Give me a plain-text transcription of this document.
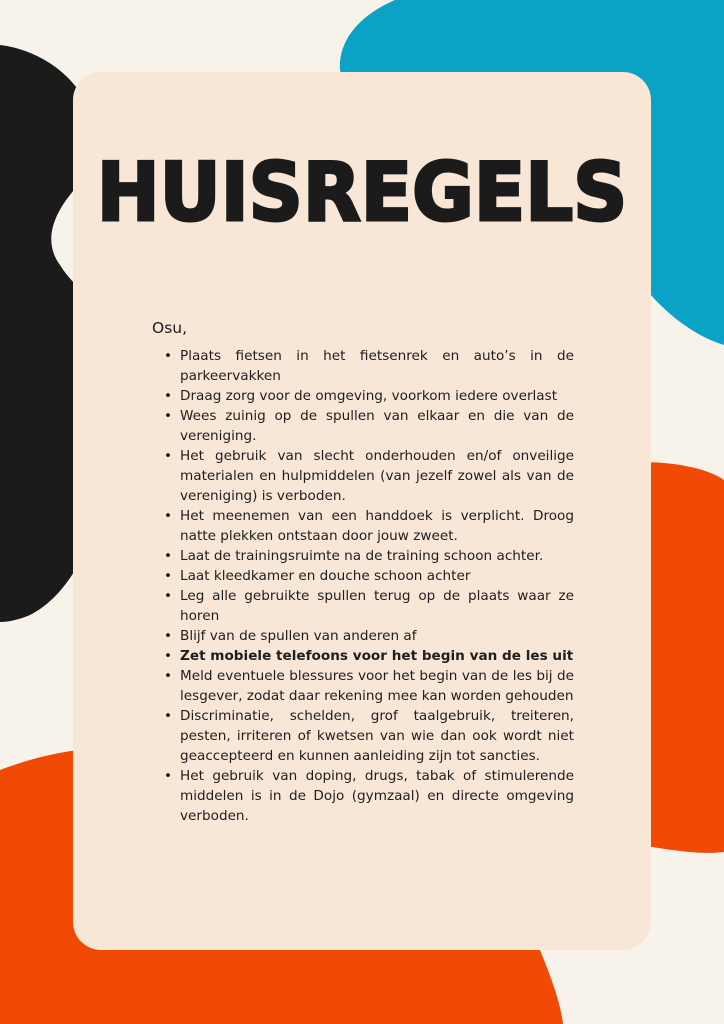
HUISREGELS

Osu,

• Plaats fietsen in het fietsenrek en auto’s in de parkeervakken
• Draag zorg voor de omgeving, voorkom iedere overlast
• Wees zuinig op de spullen van elkaar en die van de vereniging.
• Het gebruik van slecht onderhouden en/of onveilige materialen en hulpmiddelen (van jezelf zowel als van de vereniging) is verboden.
• Het meenemen van een handdoek is verplicht. Droog natte plekken ontstaan door jouw zweet.
• Laat de trainingsruimte na de training schoon achter.
• Laat kleedkamer en douche schoon achter
• Leg alle gebruikte spullen terug op de plaats waar ze horen
• Blijf van de spullen van anderen af
• Zet mobiele telefoons voor het begin van de les uit
• Meld eventuele blessures voor het begin van de les bij de lesgever, zodat daar rekening mee kan worden gehouden
• Discriminatie, schelden, grof taalgebruik, treiteren, pesten, irriteren of kwetsen van wie dan ook wordt niet geaccepteerd en kunnen aanleiding zijn tot sancties.
• Het gebruik van doping, drugs, tabak of stimulerende middelen is in de Dojo (gymzaal) en directe omgeving verboden.
